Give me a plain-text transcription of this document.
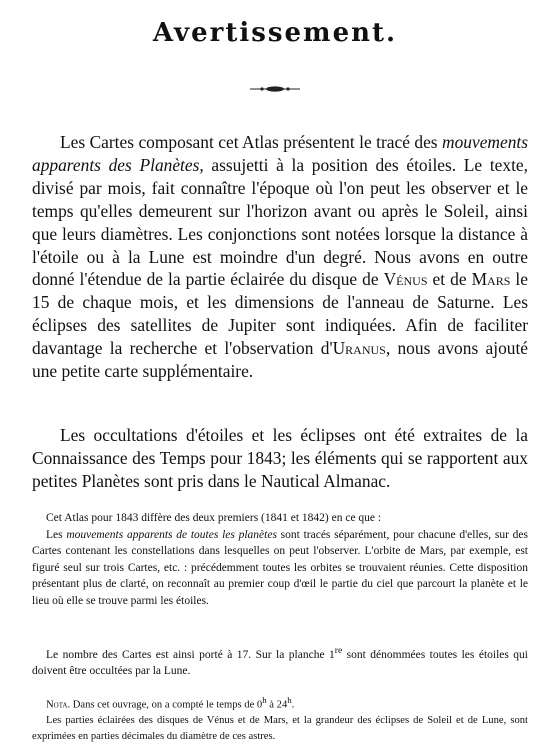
Avertissement.

Les Cartes composant cet Atlas présentent le tracé des mouvements apparents des Planètes, assujetti à la position des étoiles. Le texte, divisé par mois, fait connaître l'époque où l'on peut les observer et le temps qu'elles demeurent sur l'horizon avant ou après le Soleil, ainsi que leurs diamètres. Les conjonctions sont notées lorsque la distance à l'étoile ou à la Lune est moindre d'un degré. Nous avons en outre donné l'étendue de la partie éclairée du disque de Vénus et de Mars le 15 de chaque mois, et les dimensions de l'anneau de Saturne. Les éclipses des satellites de Jupiter sont indiquées. Afin de faciliter davantage la recherche et l'observation d'Uranus, nous avons ajouté une petite carte supplémentaire.

Les occultations d'étoiles et les éclipses ont été extraites de la Connaissance des Temps pour 1843; les éléments qui se rapportent aux petites Planètes sont pris dans le Nautical Almanac.

Cet Atlas pour 1843 diffère des deux premiers (1841 et 1842) en ce que :

Les mouvements apparents de toutes les planètes sont tracés séparément, pour chacune d'elles, sur des Cartes contenant les constellations dans lesquelles on peut l'observer. L'orbite de Mars, par exemple, est figuré seul sur trois Cartes, etc. : précédemment toutes les orbites se trouvaient réunies. Cette disposition présentant plus de clarté, on reconnaît au premier coup d'œil le partie du ciel que parcourt la planète et le lieu où elle se trouve parmi les étoiles.

Le nombre des Cartes est ainsi porté à 17. Sur la planche 1re sont dénommées toutes les étoiles qui doivent être occultées par la Lune.

Nota. Dans cet ouvrage, on a compté le temps de 0$^h$ à 24$^h$.

Les parties éclairées des disques de Vénus et de Mars, et la grandeur des éclipses de Soleil et de Lune, sont exprimées en parties décimales du diamètre de ces astres.
